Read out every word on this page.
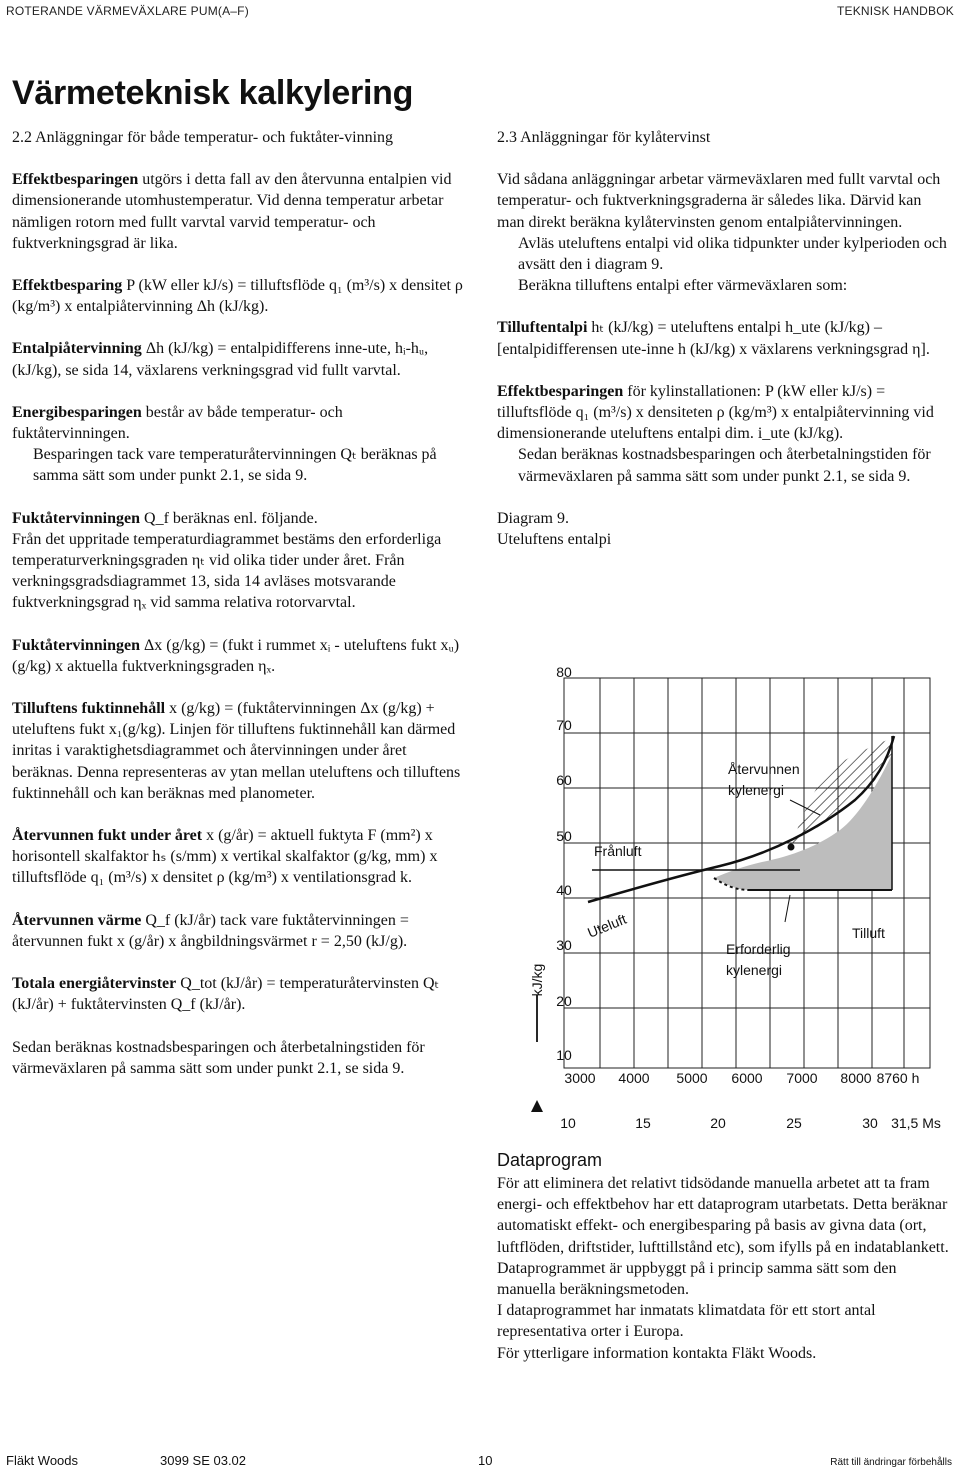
ROTERANDE VÄRMEVÄXLARE PUM(A–F)	TEKNISK HANDBOK
Värmeteknisk kalkylering

2.2 Anläggningar för både temperatur- och fuktåter-vinning

Effektbesparingen utgörs i detta fall av den återvunna entalpien vid dimensionerande utomhustemperatur. Vid denna temperatur arbetar nämligen rotorn med fullt varvtal varvid temperatur- och fuktverkningsgrad är lika.

Effektbesparing P (kW eller kJ/s) = tilluftsflöde q₁ (m³/s) x densitet ρ (kg/m³) x entalpiåtervinning Δh (kJ/kg).

Entalpiåtervinning Δh (kJ/kg) = entalpidifferens inne-ute, hᵢ-hᵤ, (kJ/kg), se sida 14, växlarens verkningsgrad vid fullt varvtal.

Energibesparingen består av både temperatur- och fuktåtervinningen.

Besparingen tack vare temperaturåtervinningen Qₜ beräknas på samma sätt som under punkt 2.1, se sida 9.

Fuktåtervinningen Q_f beräknas enl. följande.

Från det uppritade temperaturdiagrammet bestäms den erforderliga temperaturverkningsgraden ηₜ vid olika tider under året. Från verkningsgradsdiagrammet 13, sida 14 avläses motsvarande fuktverkningsgrad ηₓ vid samma relativa rotorvarvtal.

Fuktåtervinningen Δx (g/kg) = (fukt i rummet xᵢ - uteluftens fukt xᵤ) (g/kg) x aktuella fuktverkningsgraden ηₓ.

Tilluftens fuktinnehåll x (g/kg) = (fuktåtervinningen Δx (g/kg) + uteluftens fukt x₁(g/kg). Linjen för tilluftens fuktinnehåll kan därmed inritas i varaktighetsdiagrammet och återvinningen under året beräknas. Denna representeras av ytan mellan uteluftens och tilluftens fuktinnehåll och kan beräknas med planometer.

Återvunnen fukt under året x (g/år) = aktuell fuktyta F (mm²) x horisontell skalfaktor hₛ (s/mm) x vertikal skalfaktor (g/kg, mm) x tilluftsflöde q₁ (m³/s) x densitet ρ (kg/m³) x ventilationsgrad k.

Återvunnen värme Q_f (kJ/år) tack vare fuktåtervinningen = återvunnen fukt x (g/år) x ångbildningsvärmet r = 2,50 (kJ/g).

Totala energiåtervinster Q_tot (kJ/år) = temperaturåtervinsten Qₜ (kJ/år) + fuktåtervinsten Q_f (kJ/år).

Sedan beräknas kostnadsbesparingen och återbetalningstiden för värmeväxlaren på samma sätt som under punkt 2.1, se sida 9.

2.3 Anläggningar för kylåtervinst

Vid sådana anläggningar arbetar värmeväxlaren med fullt varvtal och temperatur- och fuktverkningsgraderna är således lika. Därvid kan man direkt beräkna kylåtervinsten genom entalpiåtervinningen.

Avläs uteluftens entalpi vid olika tidpunkter under kylperioden och avsätt den i diagram 9.

Beräkna tilluftens entalpi efter värmeväxlaren som:

Tilluftentalpi hₜ (kJ/kg) = uteluftens entalpi h_ute (kJ/kg) – [entalpidifferensen ute-inne h (kJ/kg) x växlarens verkningsgrad η].

Effektbesparingen för kylinstallationen: P (kW eller kJ/s) = tilluftsflöde q₁ (m³/s) x densiteten ρ (kg/m³) x entalpiåtervinning vid dimensionerande uteluftens entalpi dim. i_ute (kJ/kg).

Sedan beräknas kostnadsbesparingen och återbetalningstiden för värmeväxlaren på samma sätt som under punkt 2.1, se sida 9.

Diagram 9.

Uteluftens entalpi

80
70
60
50
40
30
20
10
3000 4000 5000 6000 7000 8000 8760 h
10	15	20	25	30 31,5 Ms
kJ/kg
Återvunnen
kylenergi
Frånluft
Uteluft	Tilluft
Erforderlig
kylenergi
Dataprogram

För att eliminera det relativt tidsödande manuella arbetet att ta fram energi- och effektbehov har ett dataprogram utarbetats. Detta beräknar automatiskt effekt- och energibesparing på basis av givna data (ort, luftflöden, driftstider, lufttillstånd etc), som ifylls på en indatablankett. Dataprogrammet är uppbyggt på i princip samma sätt som den manuella beräkningsmetoden.

I dataprogrammet har inmatats klimatdata för ett stort antal representativa orter i Europa.

För ytterligare information kontakta Fläkt Woods.

Fläkt Woods	3099 SE 03.02	10	Rätt till ändringar förbehålls
